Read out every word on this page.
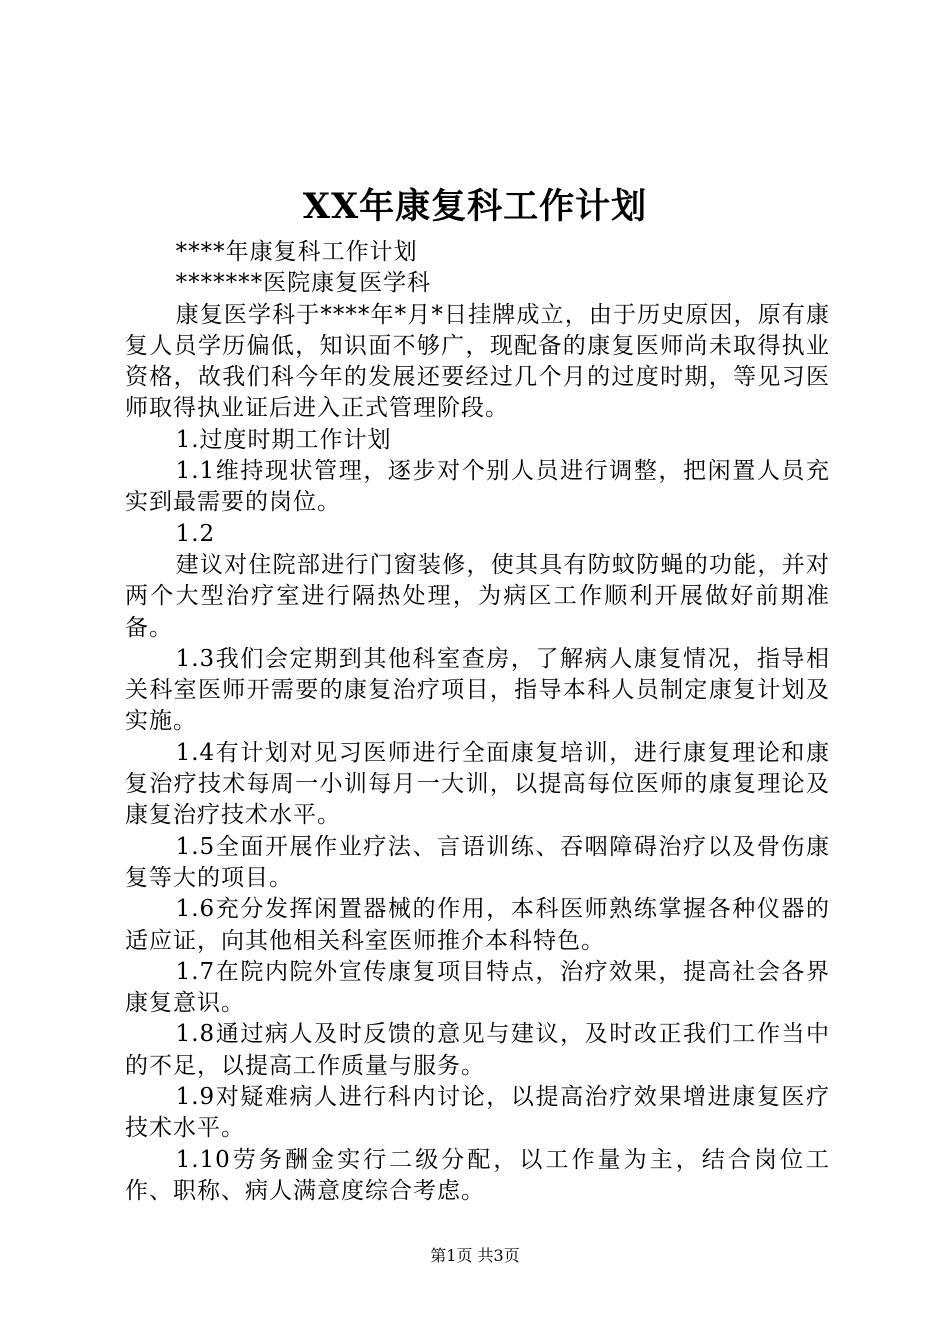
XX年康复科工作计划

****年康复科工作计划

*******医院康复医学科

康复医学科于****年*月*日挂牌成立，由于历史原因，原有康复人员学历偏低，知识面不够广，现配备的康复医师尚未取得执业资格，故我们科今年的发展还要经过几个月的过度时期，等见习医师取得执业证后进入正式管理阶段。

1.过度时期工作计划

1.1维持现状管理，逐步对个别人员进行调整，把闲置人员充实到最需要的岗位。

1.2

建议对住院部进行门窗装修，使其具有防蚊防蝇的功能，并对两个大型治疗室进行隔热处理，为病区工作顺利开展做好前期准备。

1.3我们会定期到其他科室查房，了解病人康复情况，指导相关科室医师开需要的康复治疗项目，指导本科人员制定康复计划及实施。

1.4有计划对见习医师进行全面康复培训，进行康复理论和康复治疗技术每周一小训每月一大训，以提高每位医师的康复理论及康复治疗技术水平。

1.5全面开展作业疗法、言语训练、吞咽障碍治疗以及骨伤康复等大的项目。

1.6充分发挥闲置器械的作用，本科医师熟练掌握各种仪器的适应证，向其他相关科室医师推介本科特色。

1.7在院内院外宣传康复项目特点，治疗效果，提高社会各界康复意识。

1.8通过病人及时反馈的意见与建议，及时改正我们工作当中的不足，以提高工作质量与服务。

1.9对疑难病人进行科内讨论，以提高治疗效果增进康复医疗技术水平。

1.10劳务酬金实行二级分配，以工作量为主，结合岗位工作、职称、病人满意度综合考虑。

第1页 共3页
